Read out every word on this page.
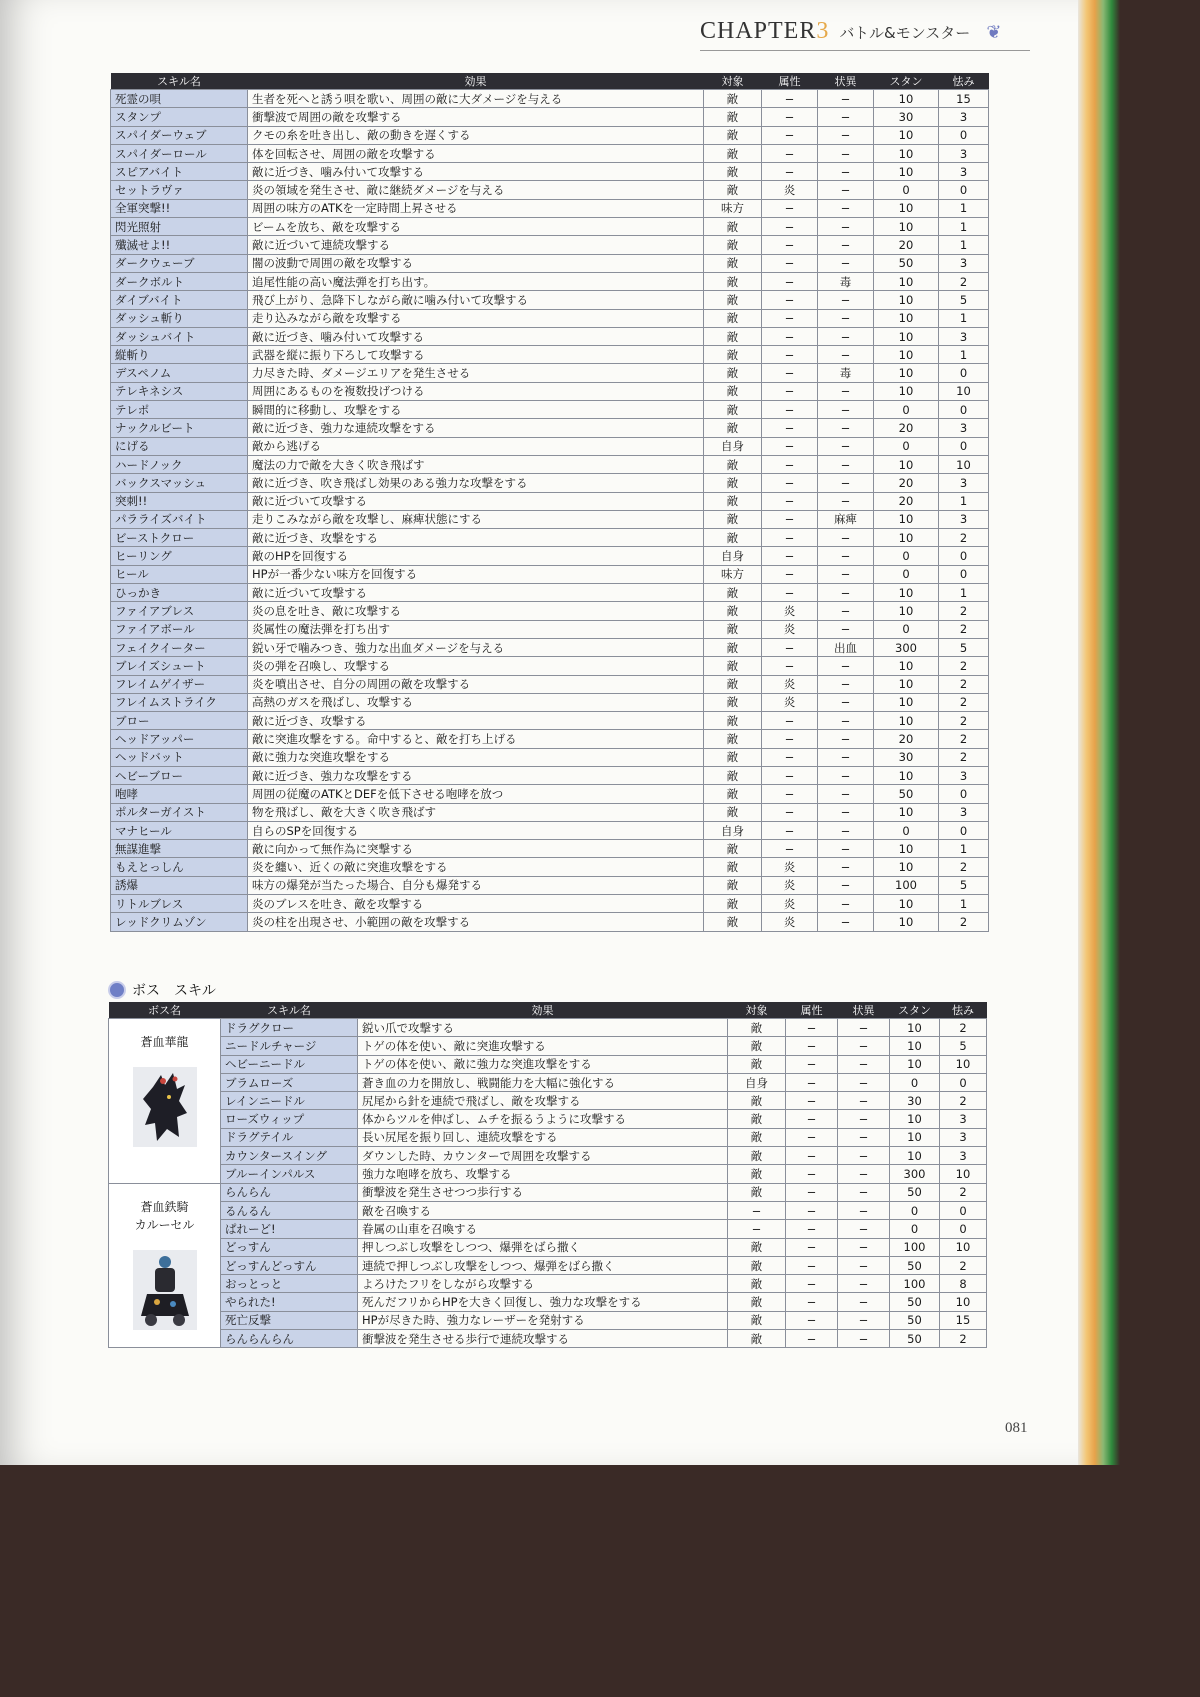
CHAPTER3 バトル&モンスター ❦
スキル名	効果	対象	属性	状異	スタン	怯み
死霊の唄	生者を死へと誘う唄を歌い、周囲の敵に大ダメージを与える	敵	−	−	10	15
スタンプ	衝撃波で周囲の敵を攻撃する	敵	−	−	30	3
スパイダーウェブ	クモの糸を吐き出し、敵の動きを遅くする	敵	−	−	10	0
スパイダーロール	体を回転させ、周囲の敵を攻撃する	敵	−	−	10	3
スピアバイト	敵に近づき、噛み付いて攻撃する	敵	−	−	10	3
セットラヴァ	炎の領域を発生させ、敵に継続ダメージを与える	敵	炎	−	0	0
全軍突撃!!	周囲の味方のATKを一定時間上昇させる	味方	−	−	10	1
閃光照射	ビームを放ち、敵を攻撃する	敵	−	−	10	1
殲滅せよ!!	敵に近づいて連続攻撃する	敵	−	−	20	1
ダークウェーブ	闇の波動で周囲の敵を攻撃する	敵	−	−	50	3
ダークボルト	追尾性能の高い魔法弾を打ち出す。	敵	−	毒	10	2
ダイブバイト	飛び上がり、急降下しながら敵に噛み付いて攻撃する	敵	−	−	10	5
ダッシュ斬り	走り込みながら敵を攻撃する	敵	−	−	10	1
ダッシュバイト	敵に近づき、噛み付いて攻撃する	敵	−	−	10	3
縦斬り	武器を縦に振り下ろして攻撃する	敵	−	−	10	1
デスペノム	力尽きた時、ダメージエリアを発生させる	敵	−	毒	10	0
テレキネシス	周囲にあるものを複数投げつける	敵	−	−	10	10
テレポ	瞬間的に移動し、攻撃をする	敵	−	−	0	0
ナックルビート	敵に近づき、強力な連続攻撃をする	敵	−	−	20	3
にげる	敵から逃げる	自身	−	−	0	0
ハードノック	魔法の力で敵を大きく吹き飛ばす	敵	−	−	10	10
バックスマッシュ	敵に近づき、吹き飛ばし効果のある強力な攻撃をする	敵	−	−	20	3
突刺!!	敵に近づいて攻撃する	敵	−	−	20	1
パラライズバイト	走りこみながら敵を攻撃し、麻痺状態にする	敵	−	麻痺	10	3
ビーストクロー	敵に近づき、攻撃をする	敵	−	−	10	2
ヒーリング	敵のHPを回復する	自身	−	−	0	0
ヒール	HPが一番少ない味方を回復する	味方	−	−	0	0
ひっかき	敵に近づいて攻撃する	敵	−	−	10	1
ファイアブレス	炎の息を吐き、敵に攻撃する	敵	炎	−	10	2
ファイアボール	炎属性の魔法弾を打ち出す	敵	炎	−	0	2
フェイクイーター	鋭い牙で噛みつき、強力な出血ダメージを与える	敵	−	出血	300	5
ブレイズシュート	炎の弾を召喚し、攻撃する	敵	−	−	10	2
フレイムゲイザー	炎を噴出させ、自分の周囲の敵を攻撃する	敵	炎	−	10	2
フレイムストライク	高熱のガスを飛ばし、攻撃する	敵	炎	−	10	2
ブロー	敵に近づき、攻撃する	敵	−	−	10	2
ヘッドアッパー	敵に突進攻撃をする。命中すると、敵を打ち上げる	敵	−	−	20	2
ヘッドバット	敵に強力な突進攻撃をする	敵	−	−	30	2
ヘビーブロー	敵に近づき、強力な攻撃をする	敵	−	−	10	3
咆哮	周囲の従魔のATKとDEFを低下させる咆哮を放つ	敵	−	−	50	0
ポルターガイスト	物を飛ばし、敵を大きく吹き飛ばす	敵	−	−	10	3
マナヒール	自らのSPを回復する	自身	−	−	0	0
無謀進撃	敵に向かって無作為に突撃する	敵	−	−	10	1
もえとっしん	炎を纏い、近くの敵に突進攻撃をする	敵	炎	−	10	2
誘爆	味方の爆発が当たった場合、自分も爆発する	敵	炎	−	100	5
リトルブレス	炎のブレスを吐き、敵を攻撃する	敵	炎	−	10	1
レッドクリムゾン	炎の柱を出現させ、小範囲の敵を攻撃する	敵	炎	−	10	2
ボス　スキル
ボス名	スキル名	効果	対象	属性	状異	スタン	怯み

蒼血華龍	ドラグクロー	鋭い爪で攻撃する	敵	−	−	10	2
	ニードルチャージ	トゲの体を使い、敵に突進攻撃する	敵	−	−	10	5
	ヘビーニードル	トゲの体を使い、敵に強力な突進攻撃をする	敵	−	−	10	10
	ブラムローズ	蒼き血の力を開放し、戦闘能力を大幅に強化する	自身	−	−	0	0
	レインニードル	尻尾から針を連続で飛ばし、敵を攻撃する	敵	−	−	30	2
	ローズウィップ	体からツルを伸ばし、ムチを振るうように攻撃する	敵	−	−	10	3
	ドラグテイル	長い尻尾を振り回し、連続攻撃をする	敵	−	−	10	3
	カウンタースイング	ダウンした時、カウンターで周囲を攻撃する	敵	−	−	10	3
	ブルーインパルス	強力な咆哮を放ち、攻撃する	敵	−	−	300	10

蒼血鉄騎
カルーセル	らんらん	衝撃波を発生させつつ歩行する	敵	−	−	50	2
	るんるん	敵を召喚する	−	−	−	0	0
	ぱれーど!	眷属の山車を召喚する	−	−	−	0	0
	どっすん	押しつぶし攻撃をしつつ、爆弾をばら撒く	敵	−	−	100	10
	どっすんどっすん	連続で押しつぶし攻撃をしつつ、爆弾をばら撒く	敵	−	−	50	2
	おっとっと	よろけたフリをしながら攻撃する	敵	−	−	100	8
	やられた!	死んだフリからHPを大きく回復し、強力な攻撃をする	敵	−	−	50	10
	死亡反撃	HPが尽きた時、強力なレーザーを発射する	敵	−	−	50	15
	らんらんらん	衝撃波を発生させる歩行で連続攻撃する	敵	−	−	50	2
081
